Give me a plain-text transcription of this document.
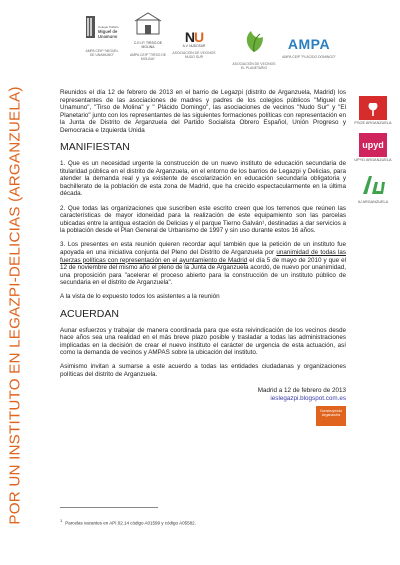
POR UN INSTITUTO EN LEGAZPI-DELICIAS (ARGANZUELA)
Colegio Público
Miguel de Unamuno
AMPA CEIP "MIGUEL
DE UNAMUNO"
C.E.I.P. TIRSO DE MOLINA
AMPA CEIP "TIRSO DE MOLINA"
NU
A.V. NUDOSUR
ASOCIACIÓN DE VECINOS
NUDO SUR
ASOCIACIÓN DE VECINOS
EL PLANETARIO
AMPA
AMPA CEIP "PLÁCIDO DOMINGO"
PSOE ARGANZUELA
upyd
UPYD ARGANZUELA
IU ARGANZUELA

Reunidos el día 12 de febrero de 2013 en el barrio de Legazpi (distrito de Arganzuela, Madrid) los representantes de las asociaciones de madres y padres de los colegios públicos "Miguel de Unamuno", "Tirso de Molina" y " Plácido Domingo", las asociaciones de vecinos "Nudo Sur" y "El Planetario" junto con los representantes de las siguientes formaciones políticas con representación en la Junta de Distrito de Arganzuela del Partido Socialista Obrero Español, Unión Progreso y Democracia e Izquierda Unida

MANIFIESTAN

1. Que es un necesidad urgente la construcción de un nuevo instituto de educación secundaria de titularidad pública en el distrito de Arganzuela, en el entorno de los barrios de Legazpi y Delicias, para atender la demanda real y ya existente de escolarización en educación secundaria obligatoria y bachillerato de la población de esta zona de Madrid, que ha crecido espectacularmente en la última década.

2. Que todas las organizaciones que suscriben este escrito creen que los terrenos que reúnen las características de mayor idoneidad para la realización de este equipamiento son las parcelas ubicadas entre la antigua estación de Delicias y el parque Tierno Galván¹, destinadas a dar servicios a la población desde el Plan General de Urbanismo de 1997 y sin uso durante estos 16 años.

3. Los presentes en esta reunión quieren recordar aquí también que la petición de un instituto fue apoyada en una iniciativa conjunta del Pleno del Distrito de Arganzuela por unanimidad de todas las fuerzas políticas con representación en el ayuntamiento de Madrid el día 5 de mayo de 2010 y que el 12 de noviembre del mismo año el pleno de la Junta de Arganzuela acordó, de nuevo por unanimidad, una proposición para "acelerar el proceso abierto para la construcción de un instituto público de secundaria en el distrito de Arganzuela".

A la vista de lo expuesto todos los asistentes a la reunión

ACUERDAN

Aunar esfuerzos y trabajar de manera coordinada para que esta reivindicación de los vecinos desde hace años sea una realidad en el más breve plazo posible y trasladar a todas las administraciones implicadas en la decisión de crear el nuevo instituto el carácter de urgencia de esta actuación, así como la demanda de vecinos y AMPAS sobre la ubicación del instituto.

Asimismo invitan a sumarse a este acuerdo a todas las entidades ciudadanas y organizaciones políticas del distrito de Arganzuela.

Madrid a 12 de febrero de 2013

ieslegazpi.blogspot.com.es

Construyendo Arganzuela
$^1$ Parcelas vacantes en API.02.14 código A01599 y código A05582.
